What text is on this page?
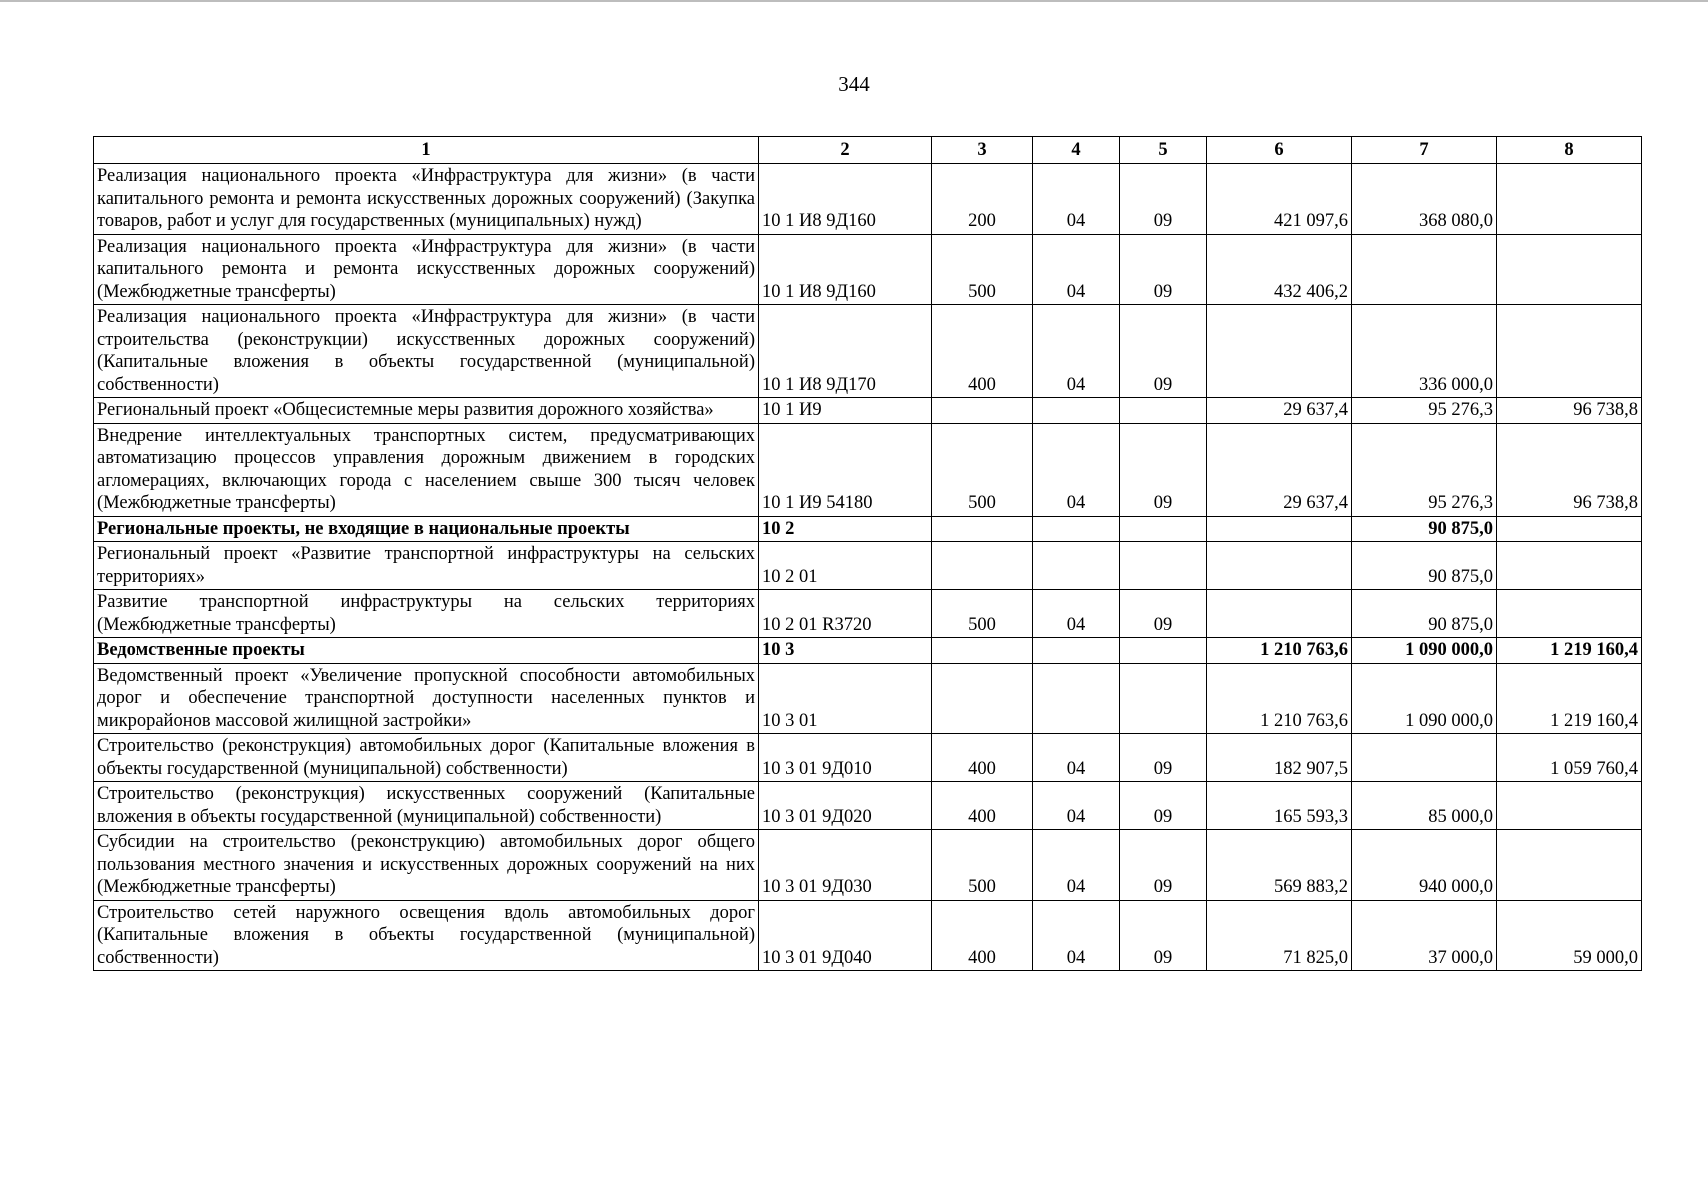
344
1	2	3	4	5	6	7	8
Реализация национального проекта «Инфраструктура для жизни» (в части капитального ремонта и ремонта искусственных дорожных сооружений) (Закупка товаров, работ и услуг для государственных (муниципальных) нужд)	10 1 И8 9Д160	200	04	09	421 097,6	368 080,0	
Реализация национального проекта «Инфраструктура для жизни» (в части капитального ремонта и ремонта искусственных дорожных сооружений) (Межбюджетные трансферты)	10 1 И8 9Д160	500	04	09	432 406,2		
Реализация национального проекта «Инфраструктура для жизни» (в части строительства (реконструкции) искусственных дорожных сооружений) (Капитальные вложения в объекты государственной (муниципальной) собственности)	10 1 И8 9Д170	400	04	09		336 000,0	
Региональный проект «Общесистемные меры развития дорожного хозяйства»	10 1 И9				29 637,4	95 276,3	96 738,8
Внедрение интеллектуальных транспортных систем, предусматривающих автоматизацию процессов управления дорожным движением в городских агломерациях, включающих города с населением свыше 300 тысяч человек (Межбюджетные трансферты)	10 1 И9 54180	500	04	09	29 637,4	95 276,3	96 738,8
Региональные проекты, не входящие в национальные проекты	10 2					90 875,0	
Региональный проект «Развитие транспортной инфраструктуры на сельских территориях»	10 2 01					90 875,0	
Развитие транспортной инфраструктуры на сельских территориях (Межбюджетные трансферты)	10 2 01 R3720	500	04	09		90 875,0	
Ведомственные проекты	10 3				1 210 763,6	1 090 000,0	1 219 160,4
Ведомственный проект «Увеличение пропускной способности автомобильных дорог и обеспечение транспортной доступности населенных пунктов и микрорайонов массовой жилищной застройки»	10 3 01				1 210 763,6	1 090 000,0	1 219 160,4
Строительство (реконструкция) автомобильных дорог (Капитальные вложения в объекты государственной (муниципальной) собственности)	10 3 01 9Д010	400	04	09	182 907,5		1 059 760,4
Строительство (реконструкция) искусственных сооружений (Капитальные вложения в объекты государственной (муниципальной) собственности)	10 3 01 9Д020	400	04	09	165 593,3	85 000,0	
Субсидии на строительство (реконструкцию) автомобильных дорог общего пользования местного значения и искусственных дорожных сооружений на них (Межбюджетные трансферты)	10 3 01 9Д030	500	04	09	569 883,2	940 000,0	
Строительство сетей наружного освещения вдоль автомобильных дорог (Капитальные вложения в объекты государственной (муниципальной) собственности)	10 3 01 9Д040	400	04	09	71 825,0	37 000,0	59 000,0
